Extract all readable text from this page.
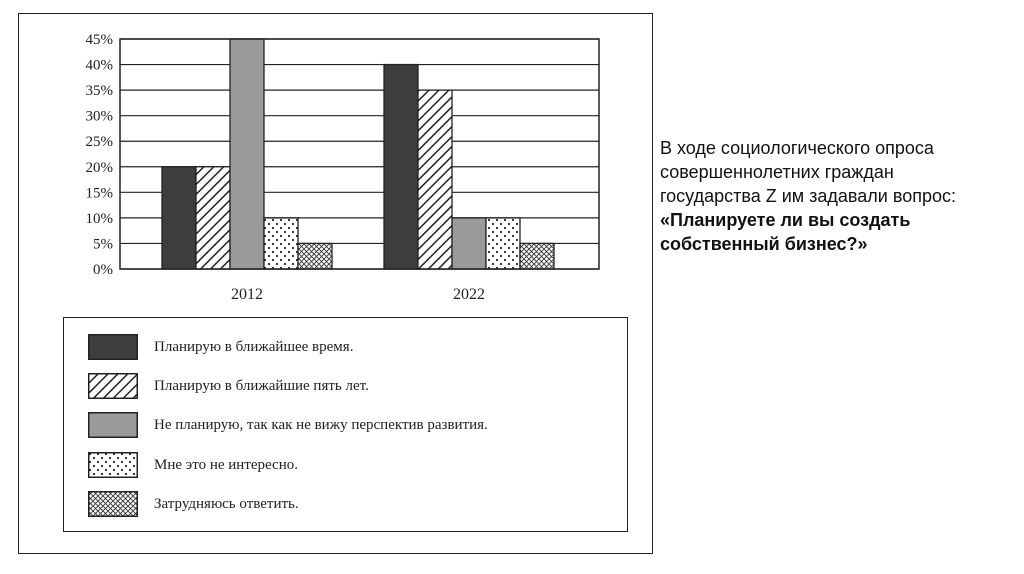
0%
5%
10%
15%
20%
25%
30%
35%
40%
45%
2012	2022
Планирую в ближайшее время.
Планирую в ближайшие пять лет.
Не планирую, так как не вижу перспектив развития.
Мне это не интересно.
Затрудняюсь ответить.
В ходе социологического опроса совершеннолетних граждан государства Z им задавали вопрос:
«Планируете ли вы создать собственный бизнес?»
